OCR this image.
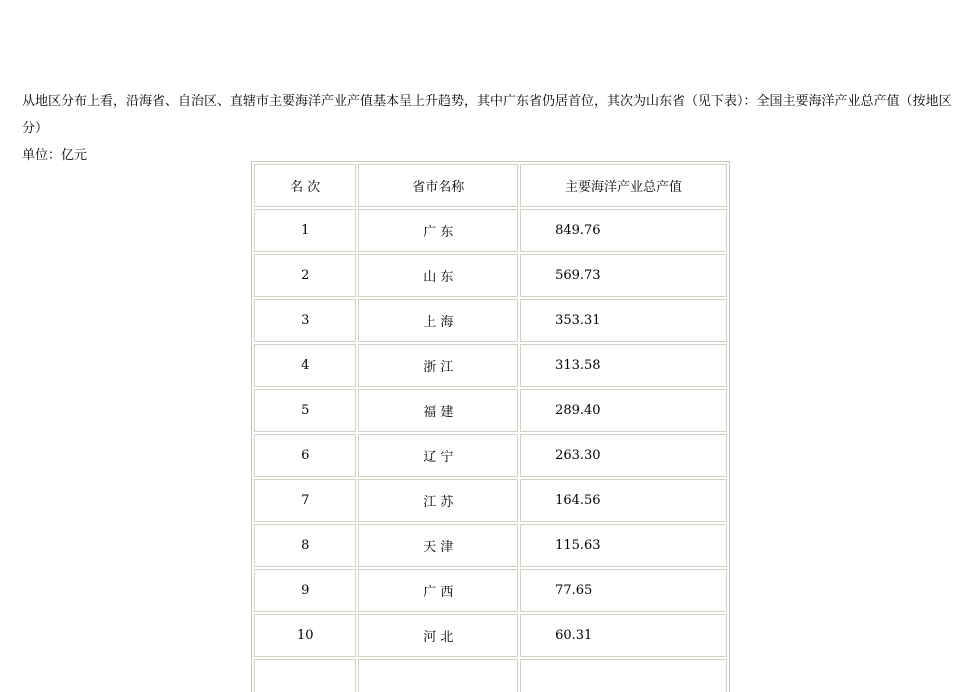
从地区分布上看，沿海省、自治区、直辖市主要海洋产业产值基本呈上升趋势，其中广东省仍居首位，其次为山东省（见下表）：全国主要海洋产业总产值（按地区分）

单位：亿元

名 次	省市名称	主要海洋产业总产值
1	广 东	849.76
2	山 东	569.73
3	上 海	353.31
4	浙 江	313.58
5	福 建	289.40
6	辽 宁	263.30
7	江 苏	164.56
8	天 津	115.63
9	广 西	77.65
10	河 北	60.31
